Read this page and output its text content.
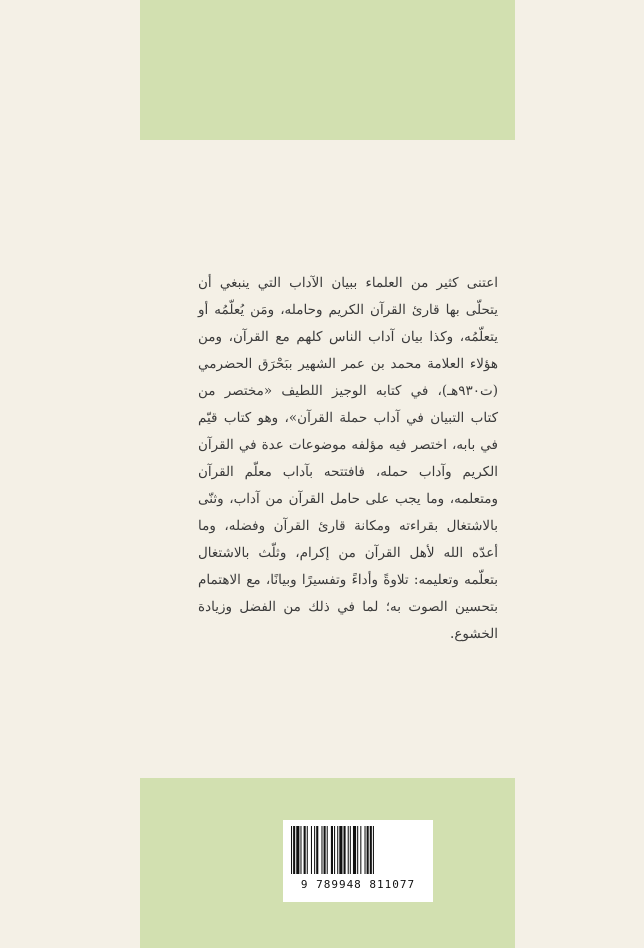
اعتنى كثير من العلماء ببيان الآداب التي ينبغي أن يتحلّى بها قارئ القرآن الكريم وحامله، ومَن يُعلّمُه أو يتعلّمُه، وكذا بيان آداب الناس كلهم مع القرآن، ومن هؤلاء العلامة محمد بن عمر الشهير ببَحْرَق الحضرمي (ت٩٣٠هـ)، في كتابه الوجيز اللطيف «مختصر من كتاب التبيان في آداب حملة القرآن»، وهو كتاب قيّم في بابه، اختصر فيه مؤلفه موضوعات عدة في القرآن الكريم وآداب حمله، فافتتحه بآداب معلّم القرآن ومتعلمه، وما يجب على حامل القرآن من آداب، وثنّى بالاشتغال بقراءته ومكانة قارئ القرآن وفضله، وما أعدّه الله لأهل القرآن من إكرام، وثلّث بالاشتغال بتعلّمه وتعليمه: تلاوةً وأداءً وتفسيرًا وبيانًا، مع الاهتمام بتحسين الصوت به؛ لما في ذلك من الفضل وزيادة الخشوع.

9 789948 811077
